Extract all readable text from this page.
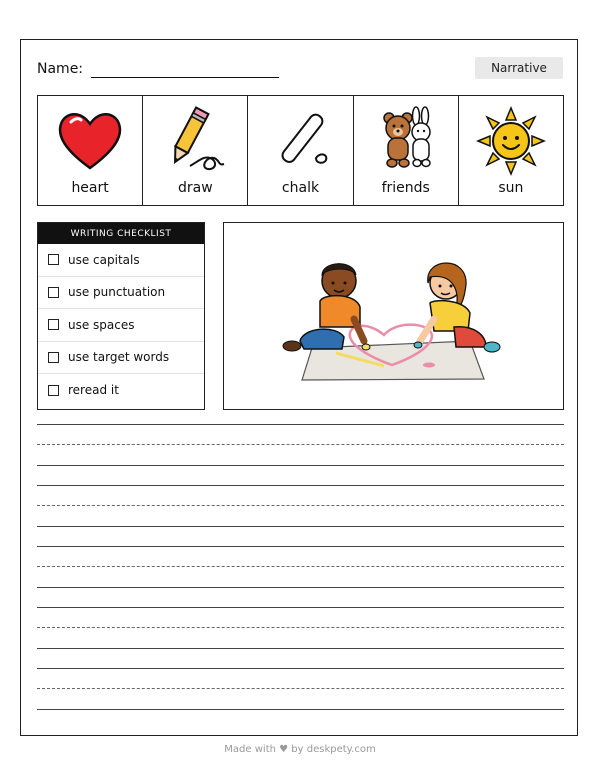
Name:	Narrative
heart	draw	chalk	friends	sun
WRITING CHECKLIST
use capitals
use punctuation
use spaces
use target words
reread it
Made with ♥ by deskpety.com
